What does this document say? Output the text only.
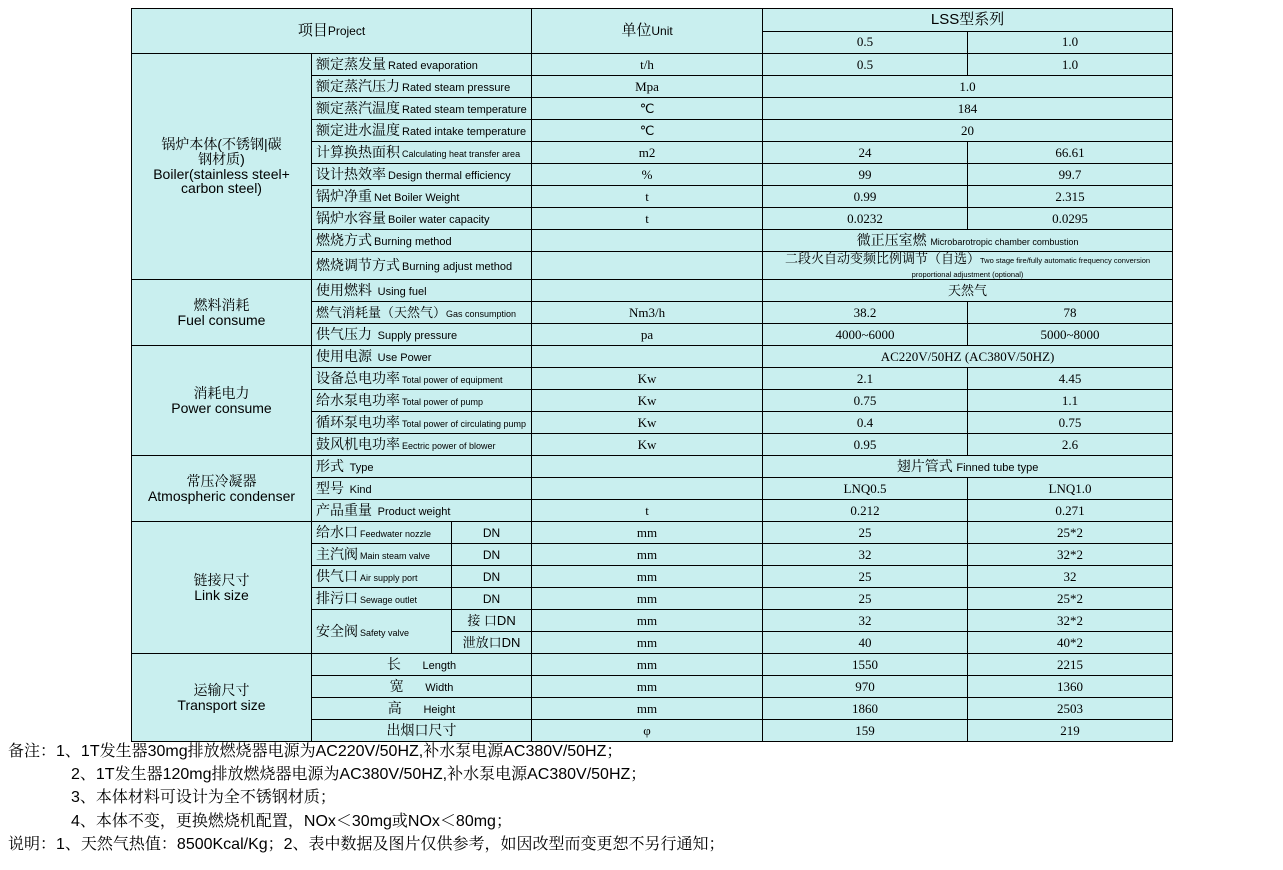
项目Project			单位Unit	LSS型系列	
				0.5	1.0

锅炉本体(不锈钢|碳
钢材质)
Boiler(stainless steel+
carbon steel)	额定蒸发量 Rated evaporation		t/h	0.5	1.0
	额定蒸汽压力 Rated steam pressure		Mpa	1.0	
	额定蒸汽温度 Rated steam temperature		℃	184	
	额定进水温度 Rated intake temperature		℃	20	
	计算换热面积 Calculating heat transfer area		m2	24	66.61
	设计热效率 Design thermal efficiency		%	99	99.7
	锅炉净重 Net Boiler Weight		t	0.99	2.315
	锅炉水容量 Boiler water capacity		t	0.0232	0.0295
	燃烧方式 Burning method			微正压室燃 Microbarotropic chamber combustion	
	燃烧调节方式 Burning adjust method			二段火自动变频比例调节（自选）Two stage fire/fully automatic frequency conversion proportional adjustment (optional)	

燃料消耗
Fuel consume	使用燃料 Using fuel			天然气	
	燃气消耗量（天然气）Gas consumption		Nm3/h	38.2	78
	供气压力 Supply pressure		pa	4000~6000	5000~8000

消耗电力
Power consume	使用电源 Use Power			AC220V/50HZ (AC380V/50HZ)	
	设备总电功率 Total power of equipment		Kw	2.1	4.45
	给水泵电功率 Total power of pump		Kw	0.75	1.1
	循环泵电功率 Total power of circulating pump		Kw	0.4	0.75
	鼓风机电功率 Eectric power of blower		Kw	0.95	2.6

常压冷凝器
Atmospheric condenser	形式 Type			翅片管式 Finned tube type	
	型号 Kind			LNQ0.5	LNQ1.0
	产品重量 Product weight		t	0.212	0.271

链接尺寸
Link size	给水口 Feedwater nozzle	DN	mm	25	25*2
	主汽阀 Main steam valve	DN	mm	32	32*2
	供气口 Air supply port	DN	mm	25	32
	排污口 Sewage outlet	DN	mm	25	25*2
	安全阀 Safety valve	接 口DN	mm	32	32*2
		泄放口DN	mm	40	40*2

运输尺寸
Transport size	长 Length		mm	1550	2215
	宽 Width		mm	970	1360
	高 Height		mm	1860	2503
	出烟口尺寸		φ	159	219
备注： 1、1T发生器30mg排放燃烧器电源为AC220V/50HZ,补水泵电源AC380V/50HZ；
2、1T发生器120mg排放燃烧器电源为AC380V/50HZ,补水泵电源AC380V/50HZ；
3、本体材料可设计为全不锈钢材质；
4、本体不变，更换燃烧机配置，NOx＜30mg或NOx＜80mg；
说明： 1、天然气热值：8500Kcal/Kg；2、表中数据及图片仅供参考，如因改型而变更恕不另行通知；
